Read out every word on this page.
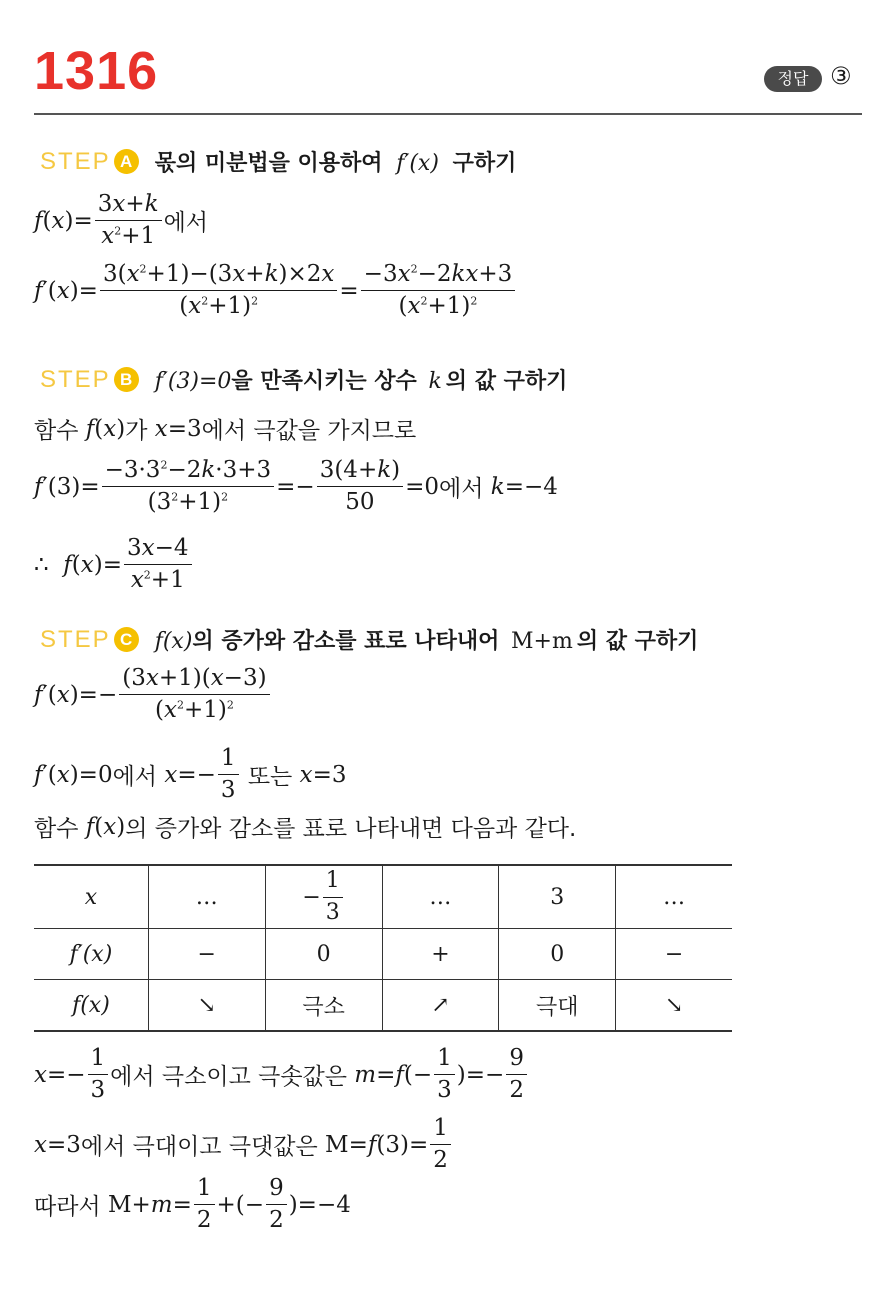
1316	정답 ③
STEP A 몫의 미분법을 이용하여 f′(x) 구하기
f ( x )= $\frac{3x+k}{x^2+1}$ 에서
f ′( x )= $\frac{3(x^2+1)-(3x+k)\times 2x}{(x^2+1)^2} = \frac{-3x^2-2kx+3}{(x^2+1)^2}$
STEP B f′(3)=0을 만족시키는 상수 k 의 값 구하기
함수
f(x) 가
x=3 에서 극값을 가지므로
f $'(3)= \frac{-3\cdot 3^2-2k\cdot 3+3}{(3^2+1)^2} =- \frac{3(4+k)}{50} =0$ 에서
k =−4
∴
f ( x )= $\frac{3x-4}{x^2+1}$
STEP C f(x)의 증가와 감소를 표로 나타내어 M+m 의 값 구하기
f ′( x )=− $\frac{(3x+1)(x-3)}{(x^2+1)^2}$
f ′( x )=0 에서
$x =- \frac{1}{3}$
또는
x =3
함수
f(x) 의 증가와 감소를 표로 나타내면 다음과 같다.
x	…	− $\frac{1}{3}$	…	3	…
f′(x)	−	0	+	0	−
f(x)	↘	극소	↗	극대	↘
$x =- \frac{1}{3}$ 에서 극소이고 극솟값은
m = f (− $\frac{1}{3}$ )=− $\frac{9}{2}$
x =3 에서 극대이고 극댓값은 M= f $(3)= \frac{1}{2}$
따라서 $M+ m = \frac{1}{2}$ +(− $\frac{9}{2} )=-4$
